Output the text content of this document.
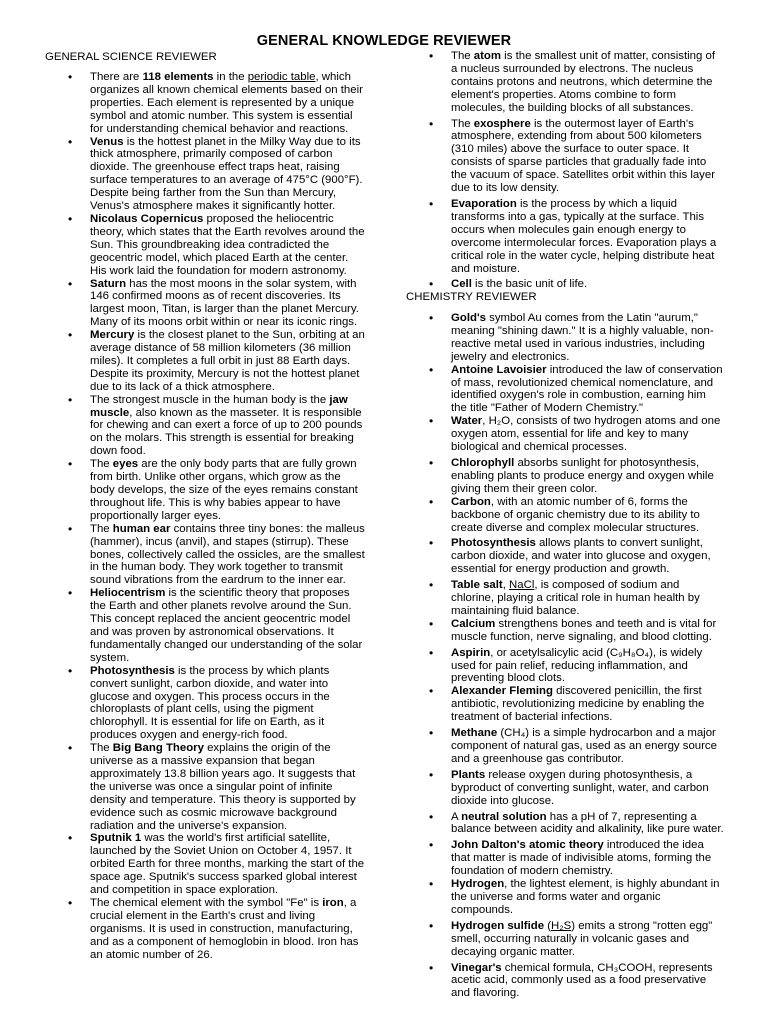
GENERAL KNOWLEDGE REVIEWER
GENERAL SCIENCE REVIEWER
• There are 118 elements in the periodic table, which organizes all known chemical elements based on their properties. Each element is represented by a unique symbol and atomic number. This system is essential for understanding chemical behavior and reactions.
• Venus is the hottest planet in the Milky Way due to its thick atmosphere, primarily composed of carbon dioxide. The greenhouse effect traps heat, raising surface temperatures to an average of 475°C (900°F). Despite being farther from the Sun than Mercury, Venus's atmosphere makes it significantly hotter.
• Nicolaus Copernicus proposed the heliocentric theory, which states that the Earth revolves around the Sun. This groundbreaking idea contradicted the geocentric model, which placed Earth at the center. His work laid the foundation for modern astronomy.
• Saturn has the most moons in the solar system, with 146 confirmed moons as of recent discoveries. Its largest moon, Titan, is larger than the planet Mercury. Many of its moons orbit within or near its iconic rings.
• Mercury is the closest planet to the Sun, orbiting at an average distance of 58 million kilometers (36 million miles). It completes a full orbit in just 88 Earth days. Despite its proximity, Mercury is not the hottest planet due to its lack of a thick atmosphere.
• The strongest muscle in the human body is the jaw muscle, also known as the masseter. It is responsible for chewing and can exert a force of up to 200 pounds on the molars. This strength is essential for breaking down food.
• The eyes are the only body parts that are fully grown from birth. Unlike other organs, which grow as the body develops, the size of the eyes remains constant throughout life. This is why babies appear to have proportionally larger eyes.
• The human ear contains three tiny bones: the malleus (hammer), incus (anvil), and stapes (stirrup). These bones, collectively called the ossicles, are the smallest in the human body. They work together to transmit sound vibrations from the eardrum to the inner ear.
• Heliocentrism is the scientific theory that proposes the Earth and other planets revolve around the Sun. This concept replaced the ancient geocentric model and was proven by astronomical observations. It fundamentally changed our understanding of the solar system.
• Photosynthesis is the process by which plants convert sunlight, carbon dioxide, and water into glucose and oxygen. This process occurs in the chloroplasts of plant cells, using the pigment chlorophyll. It is essential for life on Earth, as it produces oxygen and energy-rich food.
• The Big Bang Theory explains the origin of the universe as a massive expansion that began approximately 13.8 billion years ago. It suggests that the universe was once a singular point of infinite density and temperature. This theory is supported by evidence such as cosmic microwave background radiation and the universe's expansion.
• Sputnik 1 was the world's first artificial satellite, launched by the Soviet Union on October 4, 1957. It orbited Earth for three months, marking the start of the space age. Sputnik's success sparked global interest and competition in space exploration.
• The chemical element with the symbol "Fe" is iron, a crucial element in the Earth's crust and living organisms. It is used in construction, manufacturing, and as a component of hemoglobin in blood. Iron has an atomic number of 26.
• The atom is the smallest unit of matter, consisting of a nucleus surrounded by electrons. The nucleus contains protons and neutrons, which determine the element's properties. Atoms combine to form molecules, the building blocks of all substances.
• The exosphere is the outermost layer of Earth's atmosphere, extending from about 500 kilometers (310 miles) above the surface to outer space. It consists of sparse particles that gradually fade into the vacuum of space. Satellites orbit within this layer due to its low density.
• Evaporation is the process by which a liquid transforms into a gas, typically at the surface. This occurs when molecules gain enough energy to overcome intermolecular forces. Evaporation plays a critical role in the water cycle, helping distribute heat and moisture.
• Cell is the basic unit of life.
CHEMISTRY REVIEWER
• Gold's symbol Au comes from the Latin "aurum," meaning "shining dawn." It is a highly valuable, non-reactive metal used in various industries, including jewelry and electronics.
• Antoine Lavoisier introduced the law of conservation of mass, revolutionized chemical nomenclature, and identified oxygen's role in combustion, earning him the title "Father of Modern Chemistry."
• Water, H₂O, consists of two hydrogen atoms and one oxygen atom, essential for life and key to many biological and chemical processes.
• Chlorophyll absorbs sunlight for photosynthesis, enabling plants to produce energy and oxygen while giving them their green color.
• Carbon, with an atomic number of 6, forms the backbone of organic chemistry due to its ability to create diverse and complex molecular structures.
• Photosynthesis allows plants to convert sunlight, carbon dioxide, and water into glucose and oxygen, essential for energy production and growth.
• Table salt, NaCl, is composed of sodium and chlorine, playing a critical role in human health by maintaining fluid balance.
• Calcium strengthens bones and teeth and is vital for muscle function, nerve signaling, and blood clotting.
• Aspirin, or acetylsalicylic acid (C₉H₈O₄), is widely used for pain relief, reducing inflammation, and preventing blood clots.
• Alexander Fleming discovered penicillin, the first antibiotic, revolutionizing medicine by enabling the treatment of bacterial infections.
• Methane (CH₄) is a simple hydrocarbon and a major component of natural gas, used as an energy source and a greenhouse gas contributor.
• Plants release oxygen during photosynthesis, a byproduct of converting sunlight, water, and carbon dioxide into glucose.
• A neutral solution has a pH of 7, representing a balance between acidity and alkalinity, like pure water.
• John Dalton's atomic theory introduced the idea that matter is made of indivisible atoms, forming the foundation of modern chemistry.
• Hydrogen, the lightest element, is highly abundant in the universe and forms water and organic compounds.
• Hydrogen sulfide (H₂S) emits a strong "rotten egg" smell, occurring naturally in volcanic gases and decaying organic matter.
• Vinegar's chemical formula, CH₃COOH, represents acetic acid, commonly used as a food preservative and flavoring.
